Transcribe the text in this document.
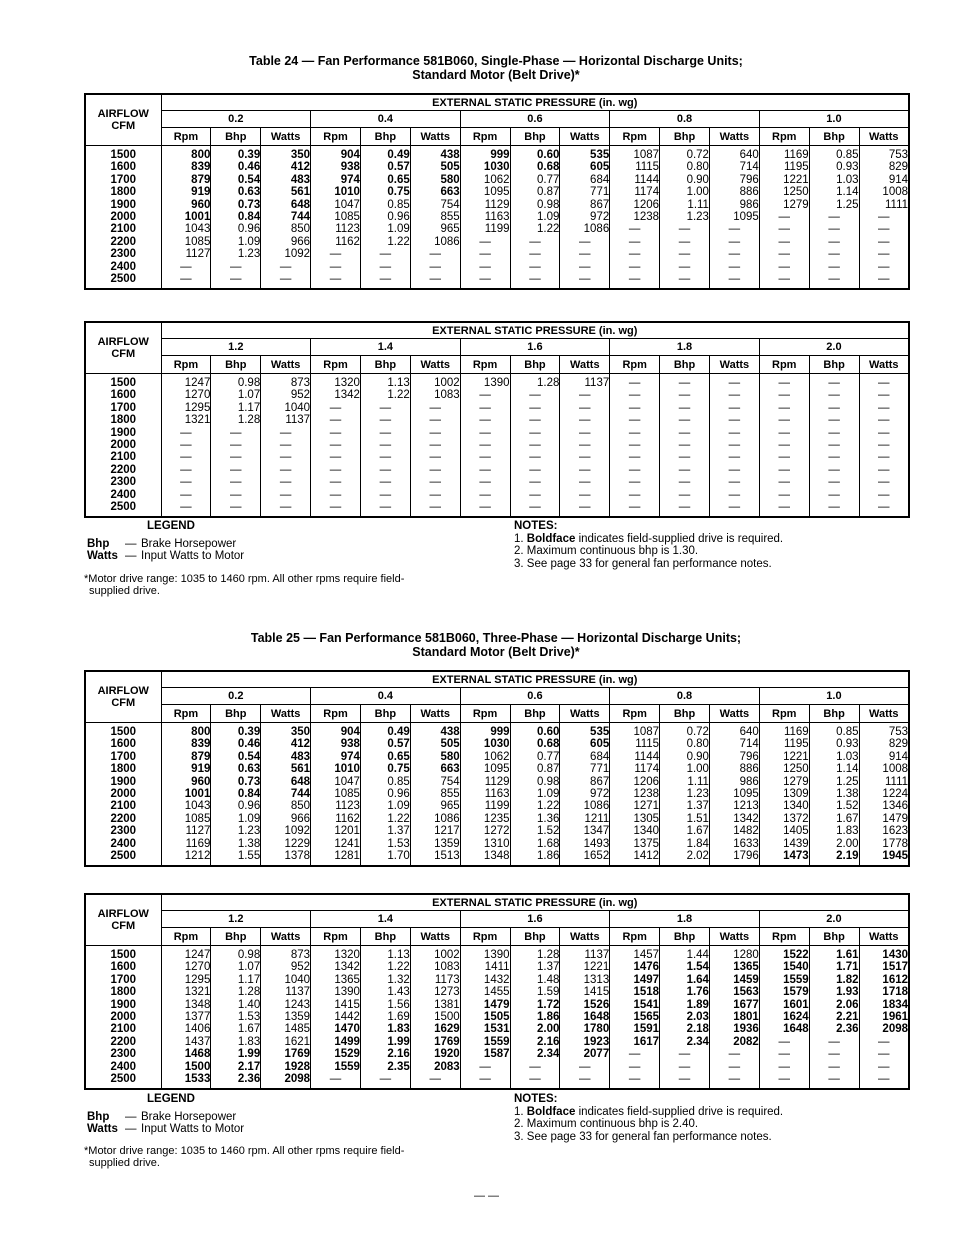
Table 24 — Fan Performance 581B060, Single-Phase — Horizontal Discharge Units;
Standard Motor (Belt Drive)*
AIRFLOW
CFM	EXTERNAL STATIC PRESSURE (in. wg)														
	0.2			0.4			0.6			0.8			1.0		
	Rpm	Bhp	Watts	Rpm	Bhp	Watts	Rpm	Bhp	Watts	Rpm	Bhp	Watts	Rpm	Bhp	Watts
1500	800	0.39	350	904	0.49	438	999	0.60	535	1087	0.72	640	1169	0.85	753
1600	839	0.46	412	938	0.57	505	1030	0.68	605	1115	0.80	714	1195	0.93	829
1700	879	0.54	483	974	0.65	580	1062	0.77	684	1144	0.90	796	1221	1.03	914
1800	919	0.63	561	1010	0.75	663	1095	0.87	771	1174	1.00	886	1250	1.14	1008
1900	960	0.73	648	1047	0.85	754	1129	0.98	867	1206	1.11	986	1279	1.25	1111
2000	1001	0.84	744	1085	0.96	855	1163	1.09	972	1238	1.23	1095	—	—	—
2100	1043	0.96	850	1123	1.09	965	1199	1.22	1086	—	—	—	—	—	—
2200	1085	1.09	966	1162	1.22	1086	—	—	—	—	—	—	—	—	—
2300	1127	1.23	1092	—	—	—	—	—	—	—	—	—	—	—	—
2400	—	—	—	—	—	—	—	—	—	—	—	—	—	—	—
2500	—	—	—	—	—	—	—	—	—	—	—	—	—	—	—
AIRFLOW
CFM	EXTERNAL STATIC PRESSURE (in. wg)														
	1.2			1.4			1.6			1.8			2.0		
	Rpm	Bhp	Watts	Rpm	Bhp	Watts	Rpm	Bhp	Watts	Rpm	Bhp	Watts	Rpm	Bhp	Watts
1500	1247	0.98	873	1320	1.13	1002	1390	1.28	1137	—	—	—	—	—	—
1600	1270	1.07	952	1342	1.22	1083	—	—	—	—	—	—	—	—	—
1700	1295	1.17	1040	—	—	—	—	—	—	—	—	—	—	—	—
1800	1321	1.28	1137	—	—	—	—	—	—	—	—	—	—	—	—
1900	—	—	—	—	—	—	—	—	—	—	—	—	—	—	—
2000	—	—	—	—	—	—	—	—	—	—	—	—	—	—	—
2100	—	—	—	—	—	—	—	—	—	—	—	—	—	—	—
2200	—	—	—	—	—	—	—	—	—	—	—	—	—	—	—
2300	—	—	—	—	—	—	—	—	—	—	—	—	—	—	—
2400	—	—	—	—	—	—	—	—	—	—	—	—	—	—	—
2500	—	—	—	—	—	—	—	—	—	—	—	—	—	—	—
LEGEND
Bhp	— Brake Horsepower
Watts — Input Watts to Motor
NOTES:
1. Boldface indicates field-supplied drive is required.
2. Maximum continuous bhp is 1.30.
3. See page 33 for general fan performance notes.
*Motor drive range: 1035 to 1460 rpm. All other rpms require field-
supplied drive.
Table 25 — Fan Performance 581B060, Three-Phase — Horizontal Discharge Units;
Standard Motor (Belt Drive)*
AIRFLOW
CFM	EXTERNAL STATIC PRESSURE (in. wg)														
	0.2			0.4			0.6			0.8			1.0		
	Rpm	Bhp	Watts	Rpm	Bhp	Watts	Rpm	Bhp	Watts	Rpm	Bhp	Watts	Rpm	Bhp	Watts
1500	800	0.39	350	904	0.49	438	999	0.60	535	1087	0.72	640	1169	0.85	753
1600	839	0.46	412	938	0.57	505	1030	0.68	605	1115	0.80	714	1195	0.93	829
1700	879	0.54	483	974	0.65	580	1062	0.77	684	1144	0.90	796	1221	1.03	914
1800	919	0.63	561	1010	0.75	663	1095	0.87	771	1174	1.00	886	1250	1.14	1008
1900	960	0.73	648	1047	0.85	754	1129	0.98	867	1206	1.11	986	1279	1.25	1111
2000	1001	0.84	744	1085	0.96	855	1163	1.09	972	1238	1.23	1095	1309	1.38	1224
2100	1043	0.96	850	1123	1.09	965	1199	1.22	1086	1271	1.37	1213	1340	1.52	1346
2200	1085	1.09	966	1162	1.22	1086	1235	1.36	1211	1305	1.51	1342	1372	1.67	1479
2300	1127	1.23	1092	1201	1.37	1217	1272	1.52	1347	1340	1.67	1482	1405	1.83	1623
2400	1169	1.38	1229	1241	1.53	1359	1310	1.68	1493	1375	1.84	1633	1439	2.00	1778
2500	1212	1.55	1378	1281	1.70	1513	1348	1.86	1652	1412	2.02	1796	1473	2.19	1945
AIRFLOW
CFM	EXTERNAL STATIC PRESSURE (in. wg)														
	1.2			1.4			1.6			1.8			2.0		
	Rpm	Bhp	Watts	Rpm	Bhp	Watts	Rpm	Bhp	Watts	Rpm	Bhp	Watts	Rpm	Bhp	Watts
1500	1247	0.98	873	1320	1.13	1002	1390	1.28	1137	1457	1.44	1280	1522	1.61	1430
1600	1270	1.07	952	1342	1.22	1083	1411	1.37	1221	1476	1.54	1365	1540	1.71	1517
1700	1295	1.17	1040	1365	1.32	1173	1432	1.48	1313	1497	1.64	1459	1559	1.82	1612
1800	1321	1.28	1137	1390	1.43	1273	1455	1.59	1415	1518	1.76	1563	1579	1.93	1718
1900	1348	1.40	1243	1415	1.56	1381	1479	1.72	1526	1541	1.89	1677	1601	2.06	1834
2000	1377	1.53	1359	1442	1.69	1500	1505	1.86	1648	1565	2.03	1801	1624	2.21	1961
2100	1406	1.67	1485	1470	1.83	1629	1531	2.00	1780	1591	2.18	1936	1648	2.36	2098
2200	1437	1.83	1621	1499	1.99	1769	1559	2.16	1923	1617	2.34	2082	—	—	—
2300	1468	1.99	1769	1529	2.16	1920	1587	2.34	2077	—	—	—	—	—	—
2400	1500	2.17	1928	1559	2.35	2083	—	—	—	—	—	—	—	—	—
2500	1533	2.36	2098	—	—	—	—	—	—	—	—	—	—	—	—
LEGEND
Bhp	— Brake Horsepower
Watts — Input Watts to Motor
NOTES:
1. Boldface indicates field-supplied drive is required.
2. Maximum continuous bhp is 2.40.
3. See page 33 for general fan performance notes.
*Motor drive range: 1035 to 1460 rpm. All other rpms require field-
supplied drive.
— —
